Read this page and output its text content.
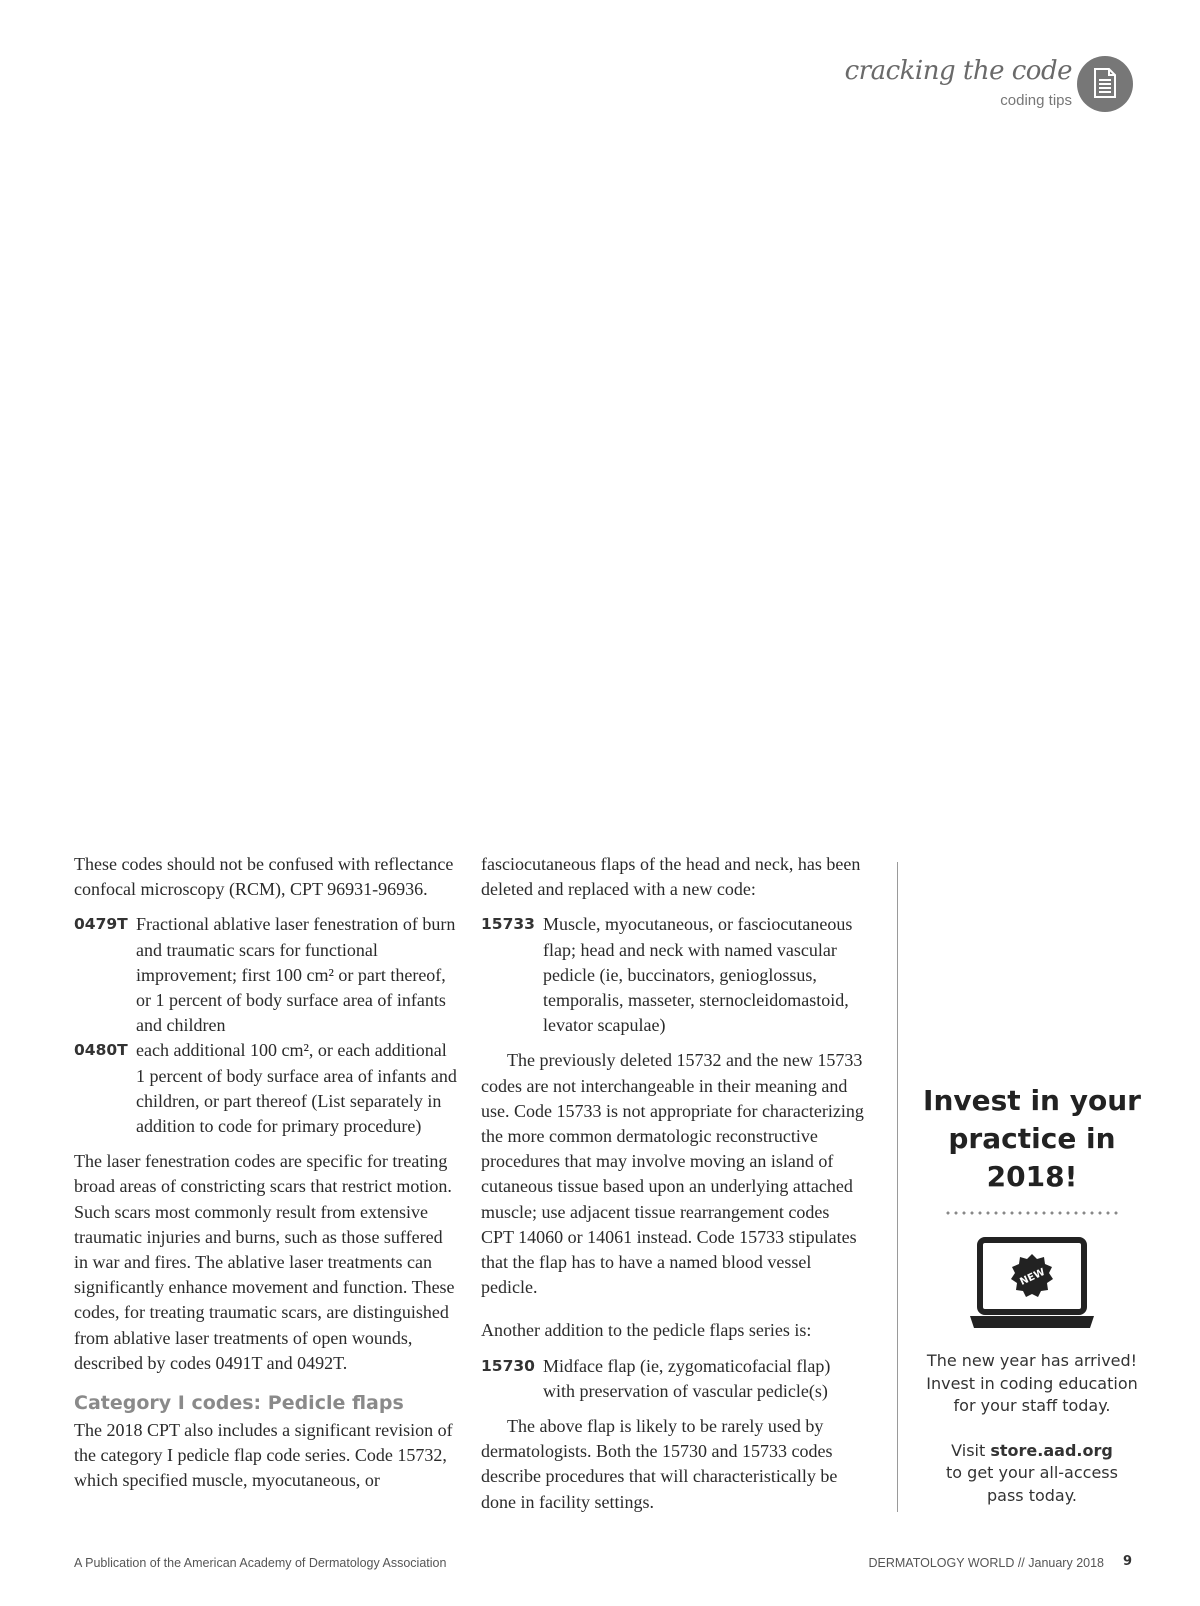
cracking the code
coding tips

These codes should not be confused with reflectance confocal microscopy (RCM), CPT 96931-96936.

0479T Fractional ablative laser fenestration of burn and traumatic scars for functional improvement; first 100 cm² or part thereof, or 1 percent of body surface area of infants and children
0480T each additional 100 cm², or each additional 1 percent of body surface area of infants and children, or part thereof (List separately in addition to code for primary procedure)

The laser fenestration codes are specific for treating broad areas of constricting scars that restrict motion. Such scars most commonly result from extensive traumatic injuries and burns, such as those suffered in war and fires. The ablative laser treatments can significantly enhance movement and function. These codes, for treating traumatic scars, are distinguished from ablative laser treatments of open wounds, described by codes 0491T and 0492T.

Category I codes: Pedicle flaps

The 2018 CPT also includes a significant revision of the category I pedicle flap code series. Code 15732, which specified muscle, myocutaneous, or

fasciocutaneous flaps of the head and neck, has been deleted and replaced with a new code:

15733 Muscle, myocutaneous, or fasciocutaneous flap; head and neck with named vascular pedicle (ie, buccinators, genioglossus, temporalis, masseter, sternocleidomastoid, levator scapulae)

The previously deleted 15732 and the new 15733 codes are not interchangeable in their meaning and use. Code 15733 is not appropriate for characterizing the more common dermatologic reconstructive procedures that may involve moving an island of cutaneous tissue based upon an underlying attached muscle; use adjacent tissue rearrangement codes CPT 14060 or 14061 instead. Code 15733 stipulates that the flap has to have a named blood vessel pedicle.

Another addition to the pedicle flaps series is:

15730 Midface flap (ie, zygomaticofacial flap) with preservation of vascular pedicle(s)

The above flap is likely to be rarely used by dermatologists. Both the 15730 and 15733 codes describe procedures that will characteristically be done in facility settings.

Invest in your
practice in
2018!
NEW

The new year has arrived!

Invest in coding education

for your staff today.

Visit store.aad.org

to get your all-access

pass today.

A Publication of the American Academy of Dermatology Association	DERMATOLOGY WORLD // January 2018 9
